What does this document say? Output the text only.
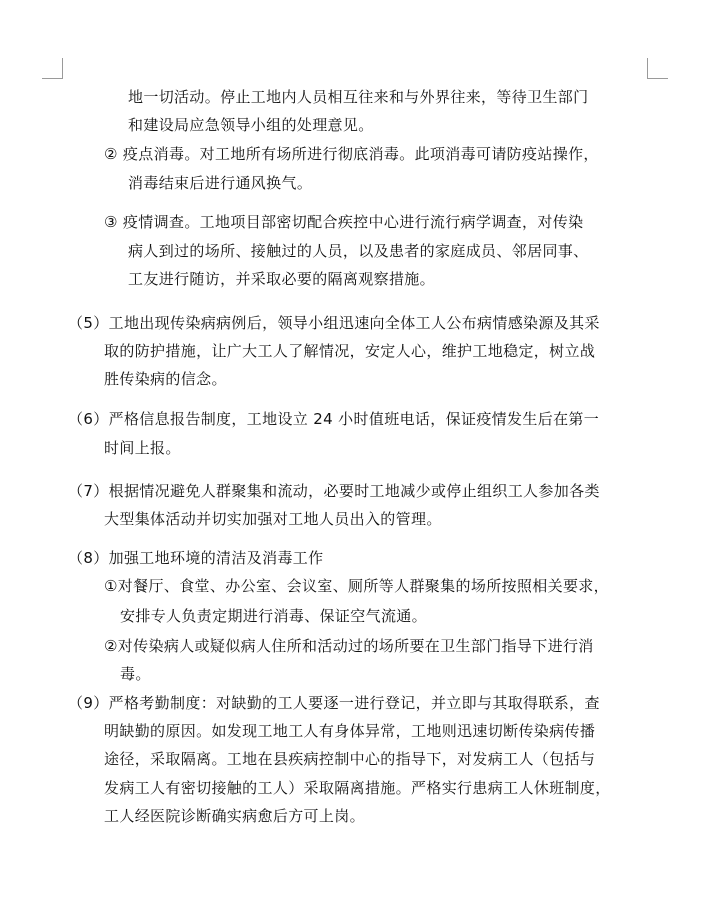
地一切活动。停止工地内人员相互往来和与外界往来，等待卫生部门
和建设局应急领导小组的处理意见。
② 疫点消毒。对工地所有场所进行彻底消毒。此项消毒可请防疫站操作，
消毒结束后进行通风换气。
③ 疫情调查。工地项目部密切配合疾控中心进行流行病学调查，对传染
病人到过的场所、接触过的人员，以及患者的家庭成员、邻居同事、
工友进行随访，并采取必要的隔离观察措施。
（5）工地出现传染病病例后，领导小组迅速向全体工人公布病情感染源及其采
取的防护措施，让广大工人了解情况，安定人心，维护工地稳定，树立战
胜传染病的信念。
（6）严格信息报告制度，工地设立 24 小时值班电话，保证疫情发生后在第一
时间上报。
（7）根据情况避免人群聚集和流动，必要时工地减少或停止组织工人参加各类
大型集体活动并切实加强对工地人员出入的管理。
（8）加强工地环境的清洁及消毒工作
①对餐厅、食堂、办公室、会议室、厕所等人群聚集的场所按照相关要求，
安排专人负责定期进行消毒、保证空气流通。
②对传染病人或疑似病人住所和活动过的场所要在卫生部门指导下进行消
毒。
（9）严格考勤制度：对缺勤的工人要逐一进行登记，并立即与其取得联系，查
明缺勤的原因。如发现工地工人有身体异常，工地则迅速切断传染病传播
途径，采取隔离。工地在县疾病控制中心的指导下，对发病工人（包括与
发病工人有密切接触的工人）采取隔离措施。严格实行患病工人休班制度，
工人经医院诊断确实病愈后方可上岗。
